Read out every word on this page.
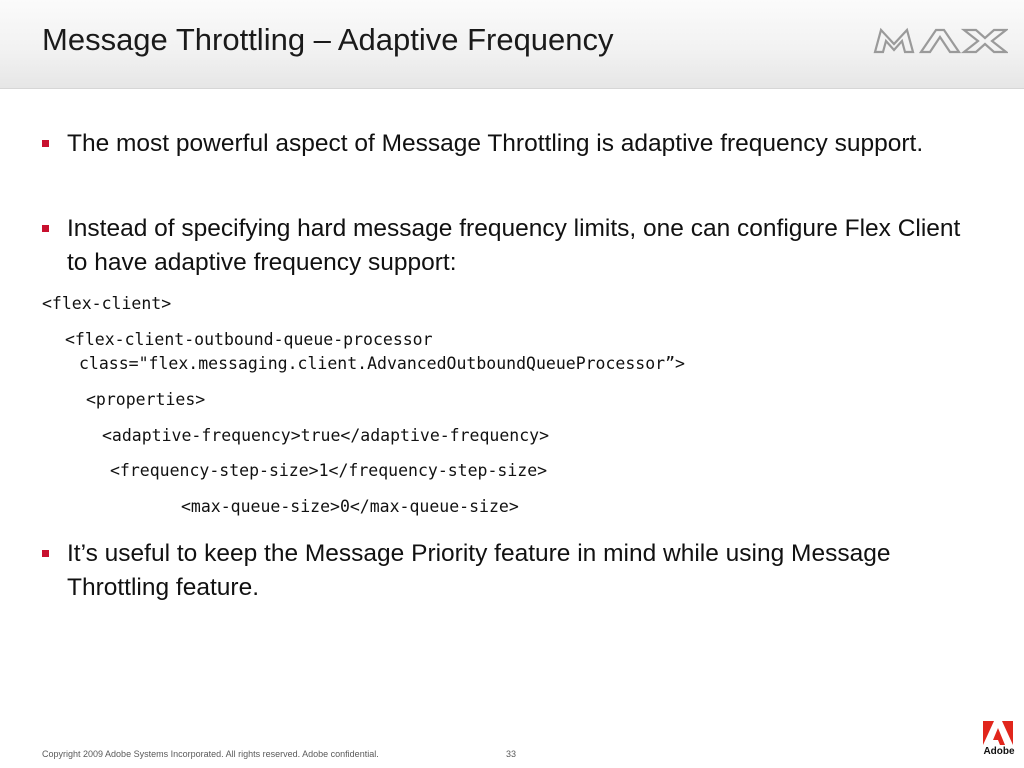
Message Throttling – Adaptive Frequency
The most powerful aspect of Message Throttling is adaptive frequency support.
Instead of specifying hard message frequency limits, one can configure Flex Client to have adaptive frequency support:
<flex-client>
<flex-client-outbound-queue-processor
class="flex.messaging.client.AdvancedOutboundQueueProcessor”>
<properties>
<adaptive-frequency>true</adaptive-frequency>
<frequency-step-size>1</frequency-step-size>
<max-queue-size>0</max-queue-size>
It’s useful to keep the Message Priority feature in mind while using Message Throttling feature.
Copyright 2009 Adobe Systems Incorporated. All rights reserved. Adobe confidential.	33	Adobe
